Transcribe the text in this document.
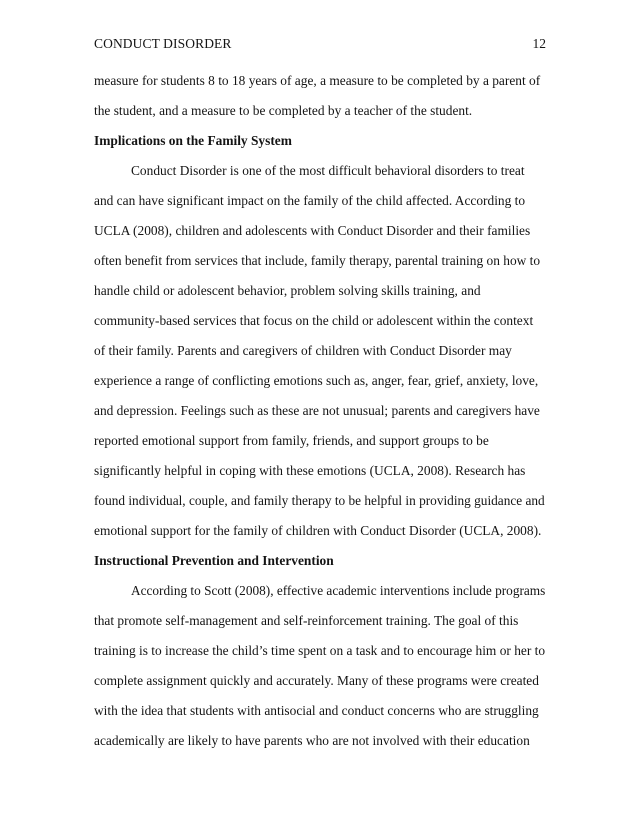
CONDUCT DISORDER	12
measure for students 8 to 18 years of age, a measure to be completed by a parent of
the student, and a measure to be completed by a teacher of the student.
Implications on the Family System
Conduct Disorder is one of the most difficult behavioral disorders to treat
and can have significant impact on the family of the child affected. According to
UCLA (2008), children and adolescents with Conduct Disorder and their families
often benefit from services that include, family therapy, parental training on how to
handle child or adolescent behavior, problem solving skills training, and
community-based services that focus on the child or adolescent within the context
of their family. Parents and caregivers of children with Conduct Disorder may
experience a range of conflicting emotions such as, anger, fear, grief, anxiety, love,
and depression. Feelings such as these are not unusual; parents and caregivers have
reported emotional support from family, friends, and support groups to be
significantly helpful in coping with these emotions (UCLA, 2008). Research has
found individual, couple, and family therapy to be helpful in providing guidance and
emotional support for the family of children with Conduct Disorder (UCLA, 2008).
Instructional Prevention and Intervention
According to Scott (2008), effective academic interventions include programs
that promote self-management and self-reinforcement training. The goal of this
training is to increase the child’s time spent on a task and to encourage him or her to
complete assignment quickly and accurately. Many of these programs were created
with the idea that students with antisocial and conduct concerns who are struggling
academically are likely to have parents who are not involved with their education
